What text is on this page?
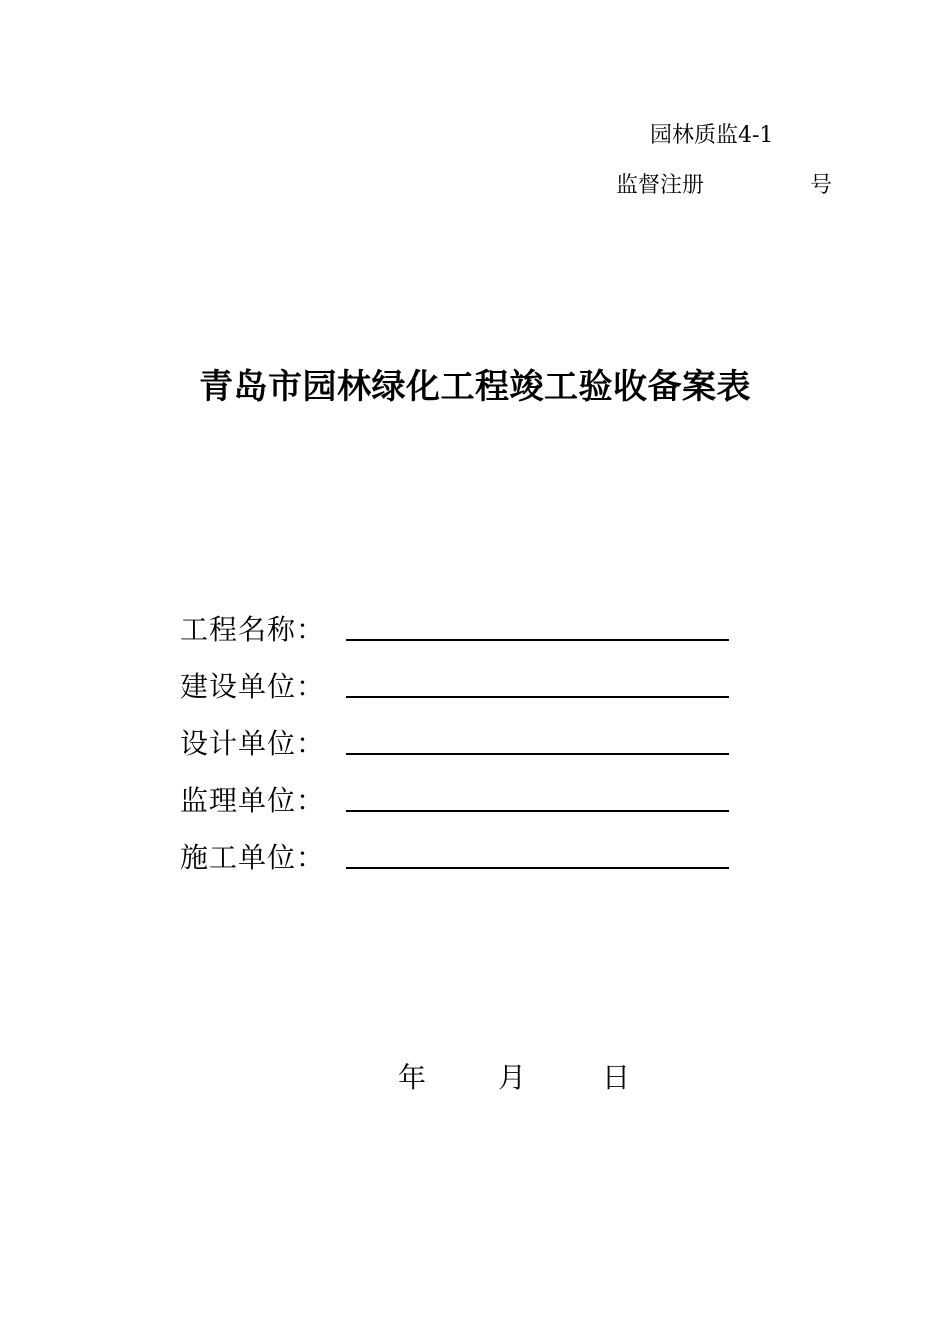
园林质监4-1
监督注册	号
青岛市园林绿化工程竣工验收备案表
工程名称：
建设单位：
设计单位：
监理单位：
施工单位：
年	月	日
